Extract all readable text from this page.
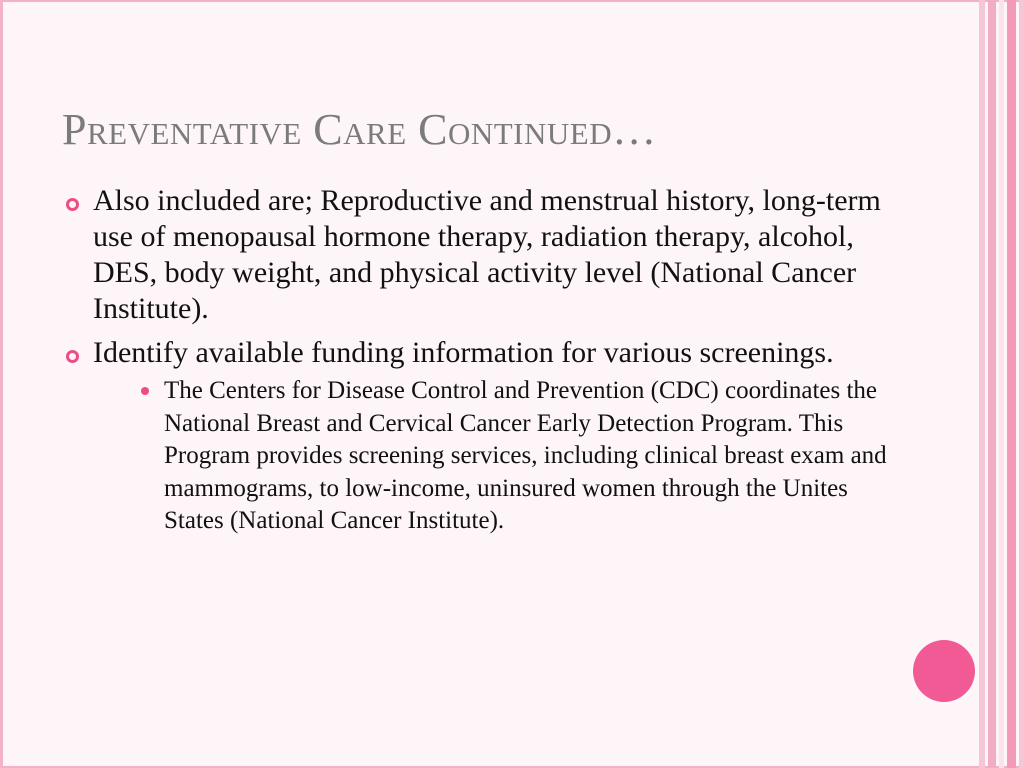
Preventative Care Continued…
Also included are; Reproductive and menstrual history, long-term use of menopausal hormone therapy, radiation therapy, alcohol, DES, body weight, and physical activity level (National Cancer Institute).
Identify available funding information for various screenings.
The Centers for Disease Control and Prevention (CDC) coordinates the National Breast and Cervical Cancer Early Detection Program. This Program provides screening services, including clinical breast exam and mammograms, to low-income, uninsured women through the Unites States (National Cancer Institute).
